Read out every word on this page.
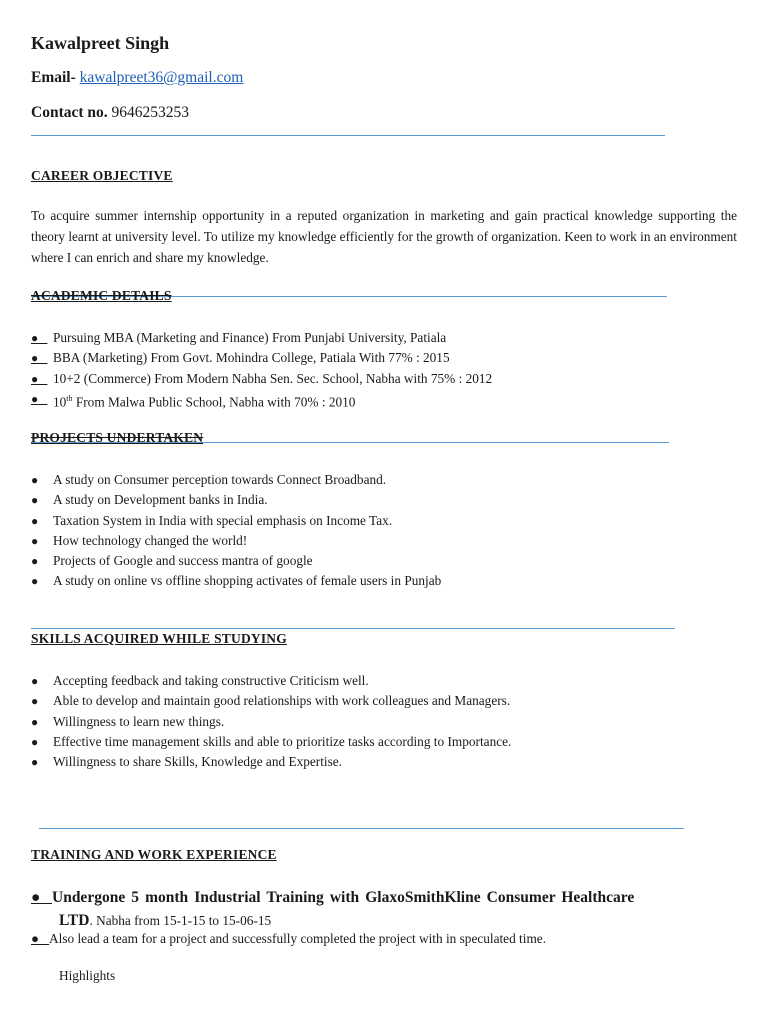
Kawalpreet Singh
Email- kawalpreet36@gmail.com
Contact no. 9646253253
CAREER OBJECTIVE

To acquire summer internship opportunity in a reputed organization in marketing and gain practical knowledge supporting the theory learnt at university level. To utilize my knowledge efficiently for the growth of organization. Keen to work in an environment where I can enrich and share my knowledge.

ACADEMIC DETAILS
●	Pursuing MBA (Marketing and Finance) From Punjabi University, Patiala
●	BBA (Marketing) From Govt. Mohindra College, Patiala With 77% : 2015
●	10+2 (Commerce) From Modern Nabha Sen. Sec. School, Nabha with 75% : 2012
●	10th From Malwa Public School, Nabha with 70% : 2010
PROJECTS UNDERTAKEN
●	A study on Consumer perception towards Connect Broadband.
●	A study on Development banks in India.
●	Taxation System in India with special emphasis on Income Tax.
●	How technology changed the world!
●	Projects of Google and success mantra of google
●	A study on online vs offline shopping activates of female users in Punjab
SKILLS ACQUIRED WHILE STUDYING
●	Accepting feedback and taking constructive Criticism well.
●	Able to develop and maintain good relationships with work colleagues and Managers.
●	Willingness to learn new things.
●	Effective time management skills and able to prioritize tasks according to Importance.
●	Willingness to share Skills, Knowledge and Expertise.
TRAINING AND WORK EXPERIENCE
● Undergone 5 month Industrial Training with GlaxoSmithKline Consumer Healthcare
LTD. Nabha from 15-1-15 to 15-06-15
● Also lead a team for a project and successfully completed the project with in speculated time.
Highlights
